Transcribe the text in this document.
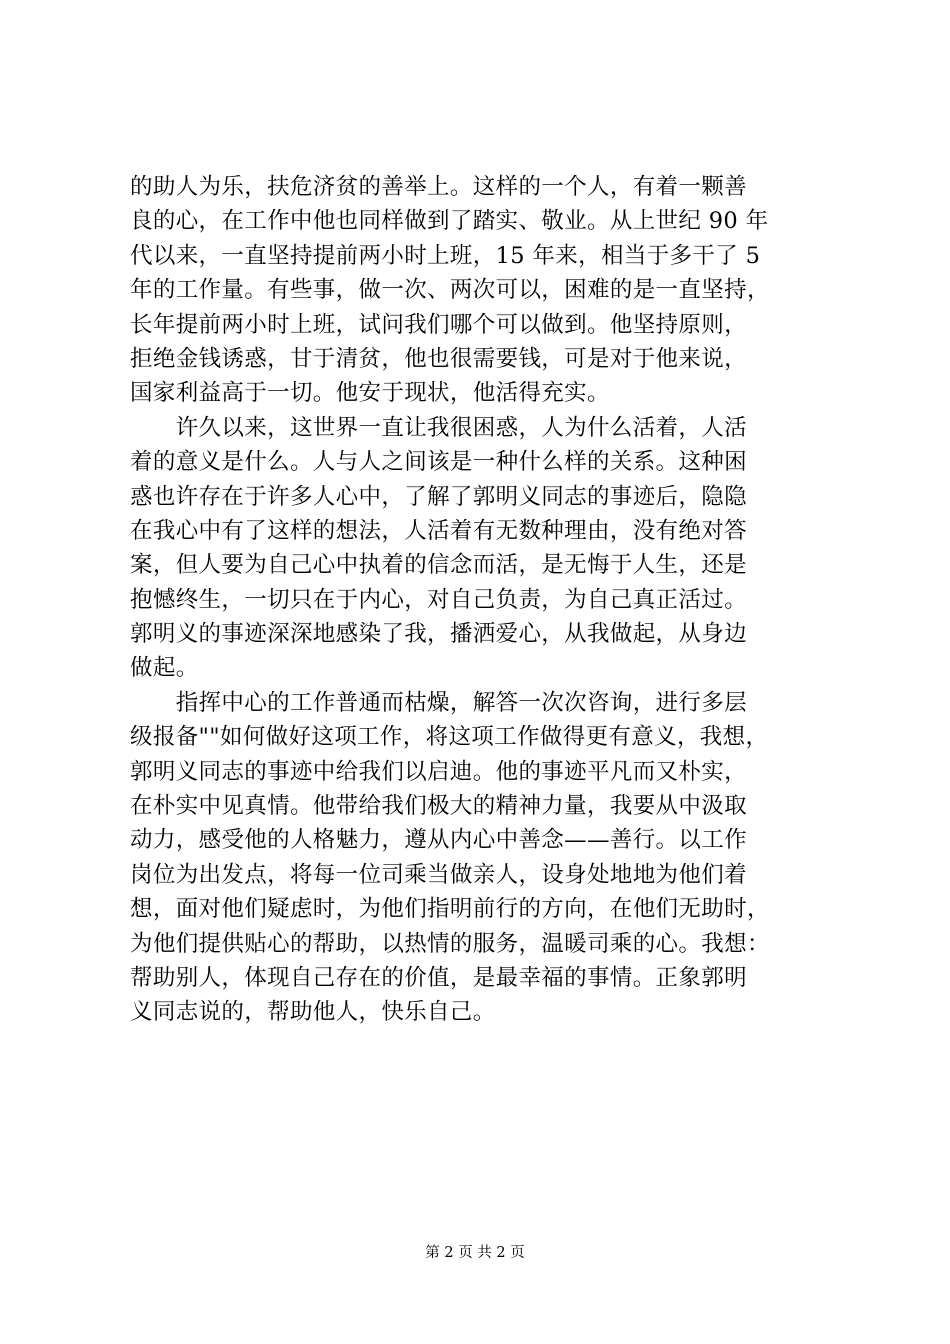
的助人为乐，扶危济贫的善举上。这样的一个人，有着一颗善
良的心，在工作中他也同样做到了踏实、敬业。从上世纪 90 年
代以来，一直坚持提前两小时上班，15 年来，相当于多干了 5
年的工作量。有些事，做一次、两次可以，困难的是一直坚持，
长年提前两小时上班，试问我们哪个可以做到。他坚持原则，
拒绝金钱诱惑，甘于清贫，他也很需要钱，可是对于他来说，
国家利益高于一切。他安于现状，他活得充实。
　　许久以来，这世界一直让我很困惑，人为什么活着，人活
着的意义是什么。人与人之间该是一种什么样的关系。这种困
惑也许存在于许多人心中，了解了郭明义同志的事迹后，隐隐
在我心中有了这样的想法，人活着有无数种理由，没有绝对答
案，但人要为自己心中执着的信念而活，是无悔于人生，还是
抱憾终生，一切只在于内心，对自己负责，为自己真正活过。
郭明义的事迹深深地感染了我，播洒爱心，从我做起，从身边
做起。
　　指挥中心的工作普通而枯燥，解答一次次咨询，进行多层
级报备""如何做好这项工作，将这项工作做得更有意义，我想，
郭明义同志的事迹中给我们以启迪。他的事迹平凡而又朴实，
在朴实中见真情。他带给我们极大的精神力量，我要从中汲取
动力，感受他的人格魅力，遵从内心中善念——善行。以工作
岗位为出发点，将每一位司乘当做亲人，设身处地地为他们着
想，面对他们疑虑时，为他们指明前行的方向，在他们无助时，
为他们提供贴心的帮助，以热情的服务，温暖司乘的心。我想：
帮助别人，体现自己存在的价值，是最幸福的事情。正象郭明
义同志说的，帮助他人，快乐自己。
第 2 页 共 2 页
